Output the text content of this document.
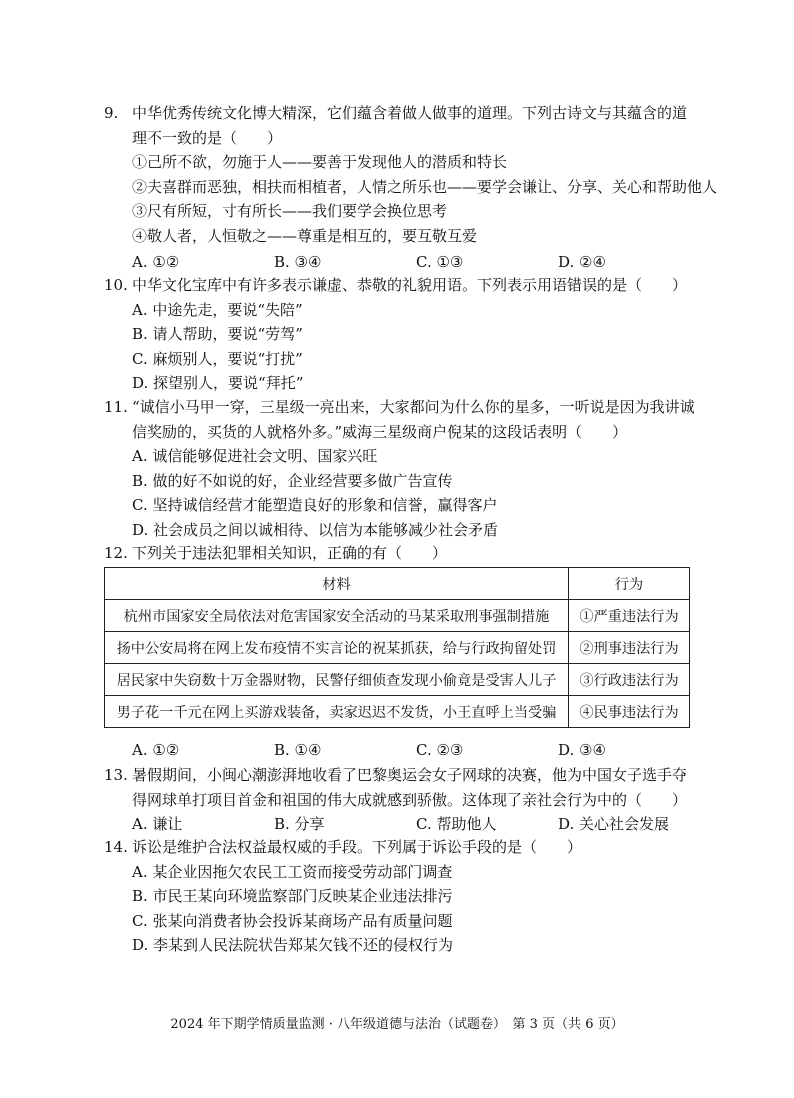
9. 中华优秀传统文化博大精深，它们蕴含着做人做事的道理。下列古诗文与其蕴含的道
理不一致的是（　　）
①己所不欲，勿施于人——要善于发现他人的潜质和特长
②夫喜群而恶独，相扶而相植者，人情之所乐也——要学会谦让、分享、关心和帮助他人
③尺有所短，寸有所长——我们要学会换位思考
④敬人者，人恒敬之——尊重是相互的，要互敬互爱
A. ①②	B. ③④	C. ①③	D. ②④
10. 中华文化宝库中有许多表示谦虚、恭敬的礼貌用语。下列表示用语错误的是（　　）
A. 中途先走，要说“失陪”
B. 请人帮助，要说“劳驾”
C. 麻烦别人，要说“打扰”
D. 探望别人，要说“拜托”
11. “诚信小马甲一穿，三星级一亮出来，大家都问为什么你的星多，一听说是因为我讲诚
信奖励的，买货的人就格外多。”威海三星级商户倪某的这段话表明（　　）
A. 诚信能够促进社会文明、国家兴旺
B. 做的好不如说的好，企业经营要多做广告宣传
C. 坚持诚信经营才能塑造良好的形象和信誉，赢得客户
D. 社会成员之间以诚相待、以信为本能够减少社会矛盾
12. 下列关于违法犯罪相关知识，正确的有（　　）
材料	行为
杭州市国家安全局依法对危害国家安全活动的马某采取刑事强制措施	①严重违法行为
扬中公安局将在网上发布疫情不实言论的祝某抓获，给与行政拘留处罚	②刑事违法行为
居民家中失窃数十万金器财物，民警仔细侦查发现小偷竟是受害人儿子	③行政违法行为
男子花一千元在网上买游戏装备，卖家迟迟不发货，小王直呼上当受骗	④民事违法行为
A. ①②	B. ①④	C. ②③	D. ③④
13. 暑假期间，小闽心潮澎湃地收看了巴黎奥运会女子网球的决赛，他为中国女子选手夺
得网球单打项目首金和祖国的伟大成就感到骄傲。这体现了亲社会行为中的（　　）
A. 谦让	B. 分享	C. 帮助他人	D. 关心社会发展
14. 诉讼是维护合法权益最权威的手段。下列属于诉讼手段的是（　　）
A. 某企业因拖欠农民工工资而接受劳动部门调查
B. 市民王某向环境监察部门反映某企业违法排污
C. 张某向消费者协会投诉某商场产品有质量问题
D. 李某到人民法院状告郑某欠钱不还的侵权行为
2024 年下期学情质量监测 · 八年级道德与法治（试题卷）　第 3 页（共 6 页）
